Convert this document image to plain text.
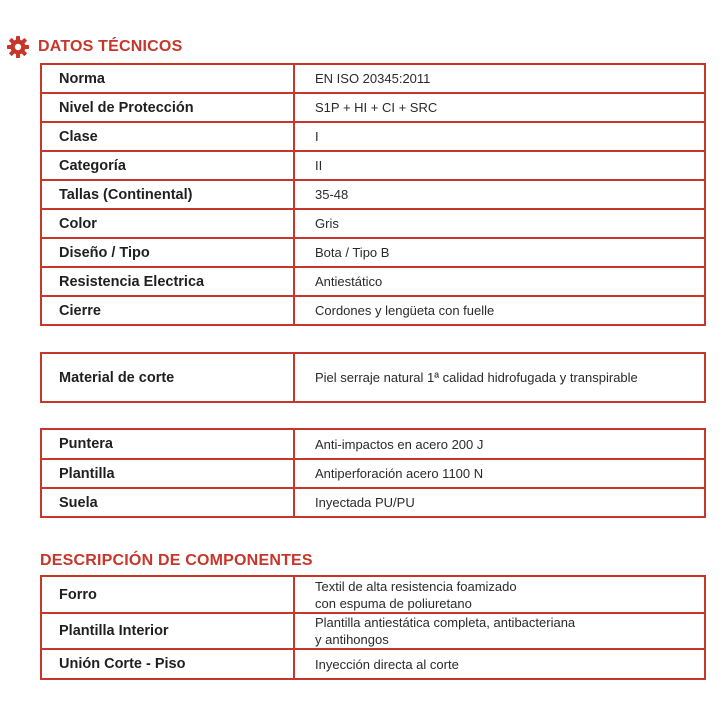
DATOS TÉCNICOS
Norma	EN ISO 20345:2011
Nivel de Protección	S1P + HI + CI + SRC
Clase	I
Categoría	II
Tallas (Continental)	35-48
Color	Gris
Diseño / Tipo	Bota / Tipo B
Resistencia Electrica	Antiestático
Cierre	Cordones y lengüeta con fuelle
Material de corte	Piel serraje natural 1ª calidad hidrofugada y transpirable
Puntera	Anti-impactos en acero 200 J
Plantilla	Antiperforación acero 1100 N
Suela	Inyectada PU/PU
DESCRIPCIÓN DE COMPONENTES
Forro	Textil de alta resistencia foamizado
con espuma de poliuretano

Plantilla Interior	Plantilla antiestática completa, antibacteriana
y antihongos

Unión Corte - Piso	Inyección directa al corte
